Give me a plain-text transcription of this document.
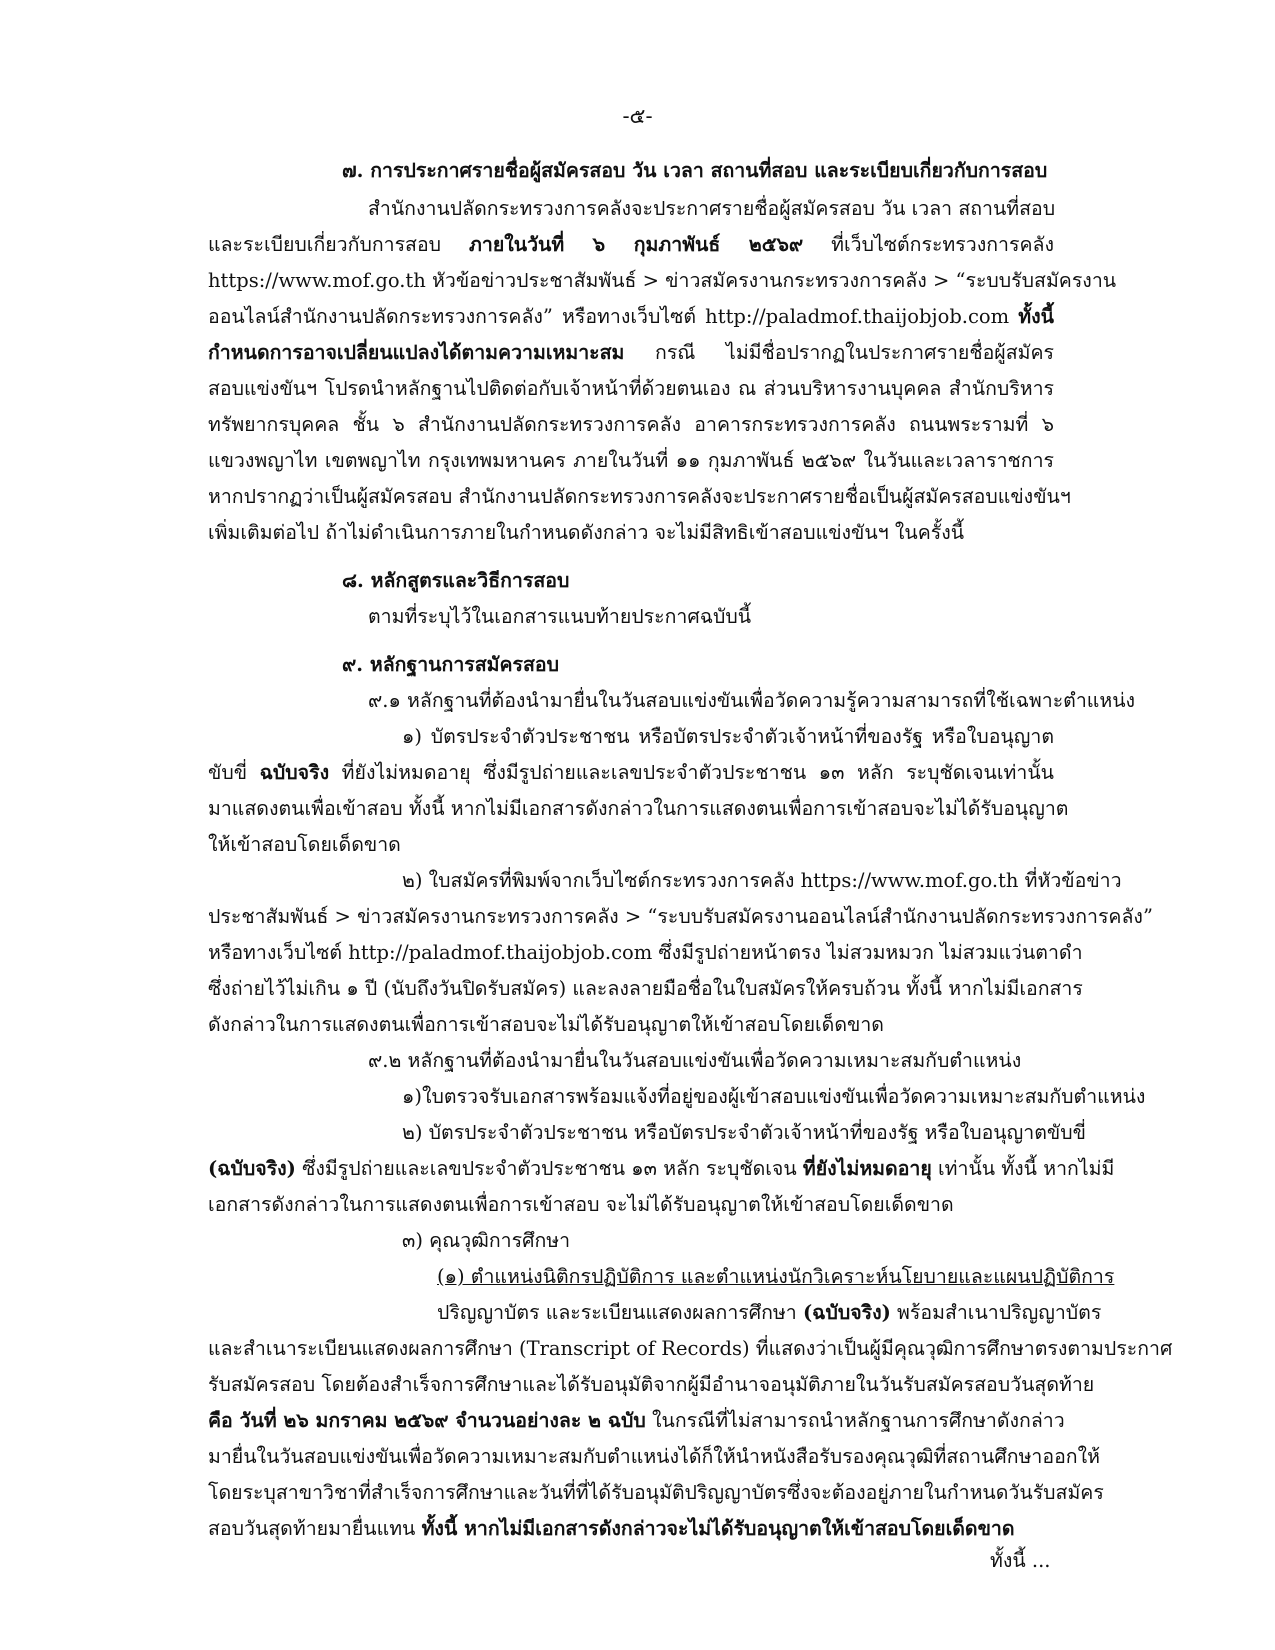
-๕-
๗. การประกาศรายชื่อผู้สมัครสอบ วัน เวลา สถานที่สอบ และระเบียบเกี่ยวกับการสอบ
สำนักงานปลัดกระทรวงการคลังจะประกาศรายชื่อผู้สมัครสอบ วัน เวลา สถานที่สอบ
และระเบียบเกี่ยวกับการสอบ ภายในวันที่ ๖ กุมภาพันธ์ ๒๕๖๙ ที่เว็บไซต์กระทรวงการคลัง
https://www.mof.go.th หัวข้อข่าวประชาสัมพันธ์ > ข่าวสมัครงานกระทรวงการคลัง > “ระบบรับสมัครงาน
ออนไลน์สำนักงานปลัดกระทรวงการคลัง” หรือทางเว็บไซต์ http://paladmof.thaijobjob.com ทั้งนี้
กำหนดการอาจเปลี่ยนแปลงได้ตามความเหมาะสม กรณี ไม่มีชื่อปรากฏในประกาศรายชื่อผู้สมัคร
สอบแข่งขันฯ โปรดนำหลักฐานไปติดต่อกับเจ้าหน้าที่ด้วยตนเอง ณ ส่วนบริหารงานบุคคล สำนักบริหาร
ทรัพยากรบุคคล ชั้น ๖ สำนักงานปลัดกระทรวงการคลัง อาคารกระทรวงการคลัง ถนนพระรามที่ ๖
แขวงพญาไท เขตพญาไท กรุงเทพมหานคร ภายในวันที่ ๑๑ กุมภาพันธ์ ๒๕๖๙ ในวันและเวลาราชการ
หากปรากฏว่าเป็นผู้สมัครสอบ สำนักงานปลัดกระทรวงการคลังจะประกาศรายชื่อเป็นผู้สมัครสอบแข่งขันฯ
เพิ่มเติมต่อไป ถ้าไม่ดำเนินการภายในกำหนดดังกล่าว จะไม่มีสิทธิเข้าสอบแข่งขันฯ ในครั้งนี้
๘. หลักสูตรและวิธีการสอบ
ตามที่ระบุไว้ในเอกสารแนบท้ายประกาศฉบับนี้
๙. หลักฐานการสมัครสอบ
๙.๑ หลักฐานที่ต้องนำมายื่นในวันสอบแข่งขันเพื่อวัดความรู้ความสามารถที่ใช้เฉพาะตำแหน่ง
๑) บัตรประจำตัวประชาชน หรือบัตรประจำตัวเจ้าหน้าที่ของรัฐ หรือใบอนุญาต
ขับขี่ ฉบับจริง ที่ยังไม่หมดอายุ ซึ่งมีรูปถ่ายและเลขประจำตัวประชาชน ๑๓ หลัก ระบุชัดเจนเท่านั้น
มาแสดงตนเพื่อเข้าสอบ ทั้งนี้ หากไม่มีเอกสารดังกล่าวในการแสดงตนเพื่อการเข้าสอบจะไม่ได้รับอนุญาต
ให้เข้าสอบโดยเด็ดขาด
๒) ใบสมัครที่พิมพ์จากเว็บไซต์กระทรวงการคลัง https://www.mof.go.th ที่หัวข้อข่าว
ประชาสัมพันธ์ > ข่าวสมัครงานกระทรวงการคลัง > “ระบบรับสมัครงานออนไลน์สำนักงานปลัดกระทรวงการคลัง”
หรือทางเว็บไซต์ http://paladmof.thaijobjob.com ซึ่งมีรูปถ่ายหน้าตรง ไม่สวมหมวก ไม่สวมแว่นตาดำ
ซึ่งถ่ายไว้ไม่เกิน ๑ ปี (นับถึงวันปิดรับสมัคร) และลงลายมือชื่อในใบสมัครให้ครบถ้วน ทั้งนี้ หากไม่มีเอกสาร
ดังกล่าวในการแสดงตนเพื่อการเข้าสอบจะไม่ได้รับอนุญาตให้เข้าสอบโดยเด็ดขาด
๙.๒ หลักฐานที่ต้องนำมายื่นในวันสอบแข่งขันเพื่อวัดความเหมาะสมกับตำแหน่ง
๑)ใบตรวจรับเอกสารพร้อมแจ้งที่อยู่ของผู้เข้าสอบแข่งขันเพื่อวัดความเหมาะสมกับตำแหน่ง
๒) บัตรประจำตัวประชาชน หรือบัตรประจำตัวเจ้าหน้าที่ของรัฐ หรือใบอนุญาตขับขี่
(ฉบับจริง) ซึ่งมีรูปถ่ายและเลขประจำตัวประชาชน ๑๓ หลัก ระบุชัดเจน ที่ยังไม่หมดอายุ เท่านั้น ทั้งนี้ หากไม่มี
เอกสารดังกล่าวในการแสดงตนเพื่อการเข้าสอบ จะไม่ได้รับอนุญาตให้เข้าสอบโดยเด็ดขาด
๓) คุณวุฒิการศึกษา
(๑) ตำแหน่งนิติกรปฏิบัติการ และตำแหน่งนักวิเคราะห์นโยบายและแผนปฏิบัติการ
ปริญญาบัตร และระเบียนแสดงผลการศึกษา (ฉบับจริง) พร้อมสำเนาปริญญาบัตร
และสำเนาระเบียนแสดงผลการศึกษา (Transcript of Records) ที่แสดงว่าเป็นผู้มีคุณวุฒิการศึกษาตรงตามประกาศ
รับสมัครสอบ โดยต้องสำเร็จการศึกษาและได้รับอนุมัติจากผู้มีอำนาจอนุมัติภายในวันรับสมัครสอบวันสุดท้าย
คือ วันที่ ๒๖ มกราคม ๒๕๖๙ จำนวนอย่างละ ๒ ฉบับ ในกรณีที่ไม่สามารถนำหลักฐานการศึกษาดังกล่าว
มายื่นในวันสอบแข่งขันเพื่อวัดความเหมาะสมกับตำแหน่งได้ก็ให้นำหนังสือรับรองคุณวุฒิที่สถานศึกษาออกให้
โดยระบุสาขาวิชาที่สำเร็จการศึกษาและวันที่ที่ได้รับอนุมัติปริญญาบัตรซึ่งจะต้องอยู่ภายในกำหนดวันรับสมัคร
สอบวันสุดท้ายมายื่นแทน ทั้งนี้ หากไม่มีเอกสารดังกล่าวจะไม่ได้รับอนุญาตให้เข้าสอบโดยเด็ดขาด
ทั้งนี้ ...
